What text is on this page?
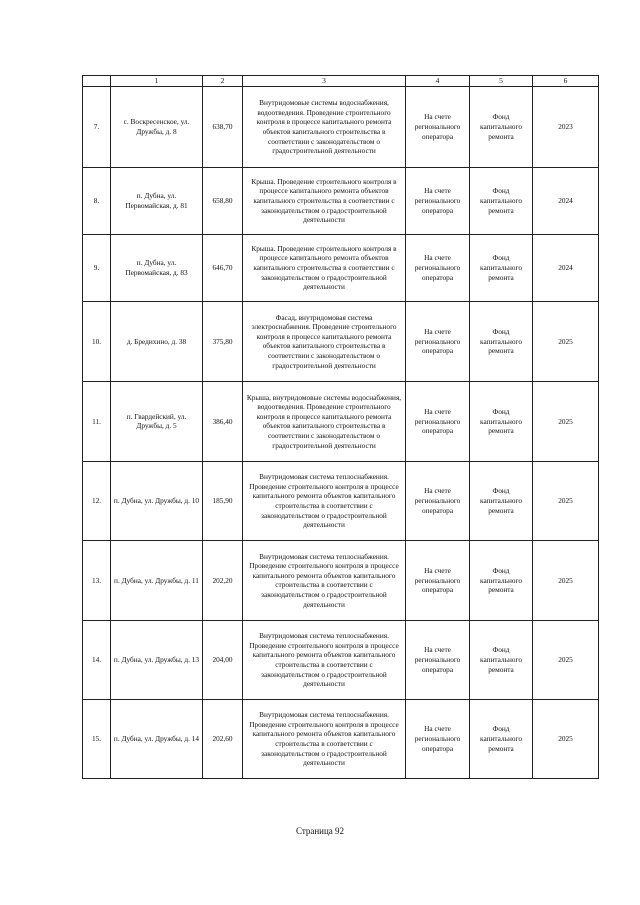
	1	2	3	4	5	6
7.	с. Воскресенское, ул. Дружбы, д. 8	638,70	Внутридомовые системы водоснабжения, водоотведения. Проведение строительного контроля в процессе капитального ремонта объектов капитального строительства в соответствии с законодательством о градостроительной деятельности	На счете регионального оператора	Фонд капитального ремонта	2023
8.	п. Дубна, ул. Первомайская, д. 81	658,80	Крыша. Проведение строительного контроля в процессе капитального ремонта объектов капитального строительства в соответствии с законодательством о градостроительной деятельности	На счете регионального оператора	Фонд капитального ремонта	2024
9.	п. Дубна, ул. Первомайская, д. 83	646,70	Крыша. Проведение строительного контроля в процессе капитального ремонта объектов капитального строительства в соответствии с законодательством о градостроительной деятельности	На счете регионального оператора	Фонд капитального ремонта	2024
10.	д. Бредихино, д. 38	375,80	Фасад, внутридомовая система электроснабжения. Проведение строительного контроля в процессе капитального ремонта объектов капитального строительства в соответствии с законодательством о градостроительной деятельности	На счете регионального оператора	Фонд капитального ремонта	2025
11.	п. Гвардейский, ул. Дружбы, д. 5	386,40	Крыша, внутридомовые системы водоснабжения, водоотведения. Проведение строительного контроля в процессе капитального ремонта объектов капитального строительства в соответствии с законодательством о градостроительной деятельности	На счете регионального оператора	Фонд капитального ремонта	2025
12.	п. Дубна, ул. Дружбы, д. 10	185,90	Внутридомовая система теплоснабжения. Проведение строительного контроля в процессе капитального ремонта объектов капитального строительства в соответствии с законодательством о градостроительной деятельности	На счете регионального оператора	Фонд капитального ремонта	2025
13.	п. Дубна, ул. Дружбы, д. 11	202,20	Внутридомовая система теплоснабжения. Проведение строительного контроля в процессе капитального ремонта объектов капитального строительства в соответствии с законодательством о градостроительной деятельности	На счете регионального оператора	Фонд капитального ремонта	2025
14.	п. Дубна, ул. Дружбы, д. 13	204,00	Внутридомовая система теплоснабжения. Проведение строительного контроля в процессе капитального ремонта объектов капитального строительства в соответствии с законодательством о градостроительной деятельности	На счете регионального оператора	Фонд капитального ремонта	2025
15.	п. Дубна, ул. Дружбы, д. 14	202,60	Внутридомовая система теплоснабжения. Проведение строительного контроля в процессе капитального ремонта объектов капитального строительства в соответствии с законодательством о градостроительной деятельности	На счете регионального оператора	Фонд капитального ремонта	2025
Страница 92
